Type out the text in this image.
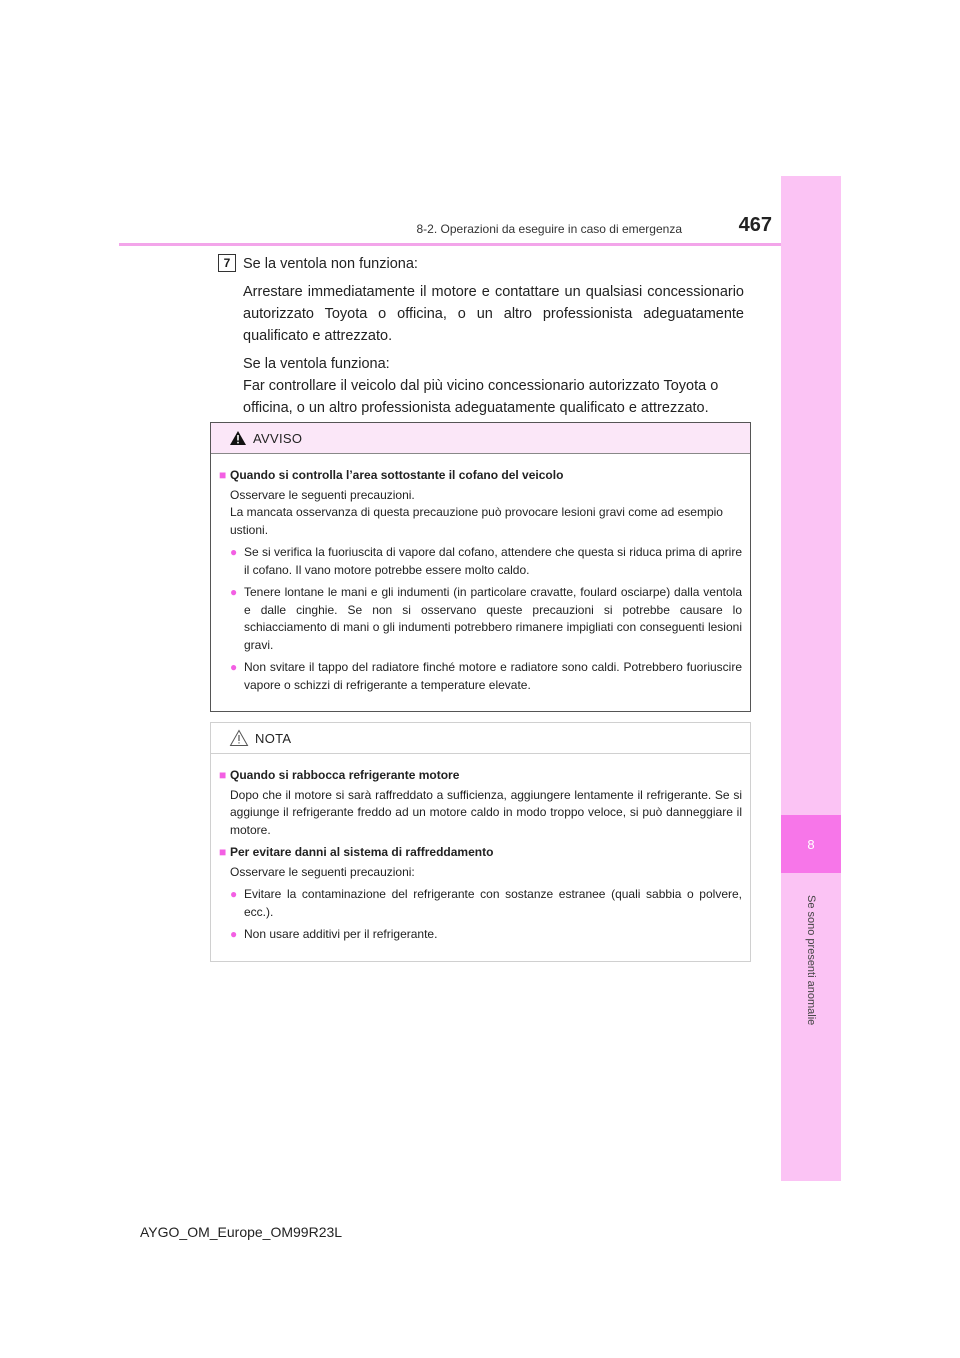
8
Se sono presenti anomalie
8-2. Operazioni da eseguire in caso di emergenza	467
7 Se la ventola non funziona:

Arrestare immediatamente il motore e contattare un qualsiasi concessionario autorizzato Toyota o officina, o un altro professionista adeguatamente qualificato e attrezzato.

Se la ventola funziona:

Far controllare il veicolo dal più vicino concessionario autorizzato Toyota o officina, o un altro professionista adeguatamente qualificato e attrezzato.

AVVISO
■ Quando si controlla l’area sottostante il cofano del veicolo
Osservare le seguenti precauzioni.
La mancata osservanza di questa precauzione può provocare lesioni gravi come ad esempio ustioni.
● Se si verifica la fuoriuscita di vapore dal cofano, attendere che questa si riduca prima di aprire il cofano. Il vano motore potrebbe essere molto caldo.
● Tenere lontane le mani e gli indumenti (in particolare cravatte, foulard osciarpe) dalla ventola e dalle cinghie. Se non si osservano queste precauzioni si potrebbe causare lo schiacciamento di mani o gli indumenti potrebbero rimanere impigliati con conseguenti lesioni gravi.
● Non svitare il tappo del radiatore finché motore e radiatore sono caldi. Potrebbero fuoriuscire vapore o schizzi di refrigerante a temperature elevate.
NOTA
■ Quando si rabbocca refrigerante motore
Dopo che il motore si sarà raffreddato a sufficienza, aggiungere lentamente il refrigerante. Se si aggiunge il refrigerante freddo ad un motore caldo in modo troppo veloce, si può danneggiare il motore.
■ Per evitare danni al sistema di raffreddamento
Osservare le seguenti precauzioni:
● Evitare la contaminazione del refrigerante con sostanze estranee (quali sabbia o polvere, ecc.).
● Non usare additivi per il refrigerante.
AYGO_OM_Europe_OM99R23L
